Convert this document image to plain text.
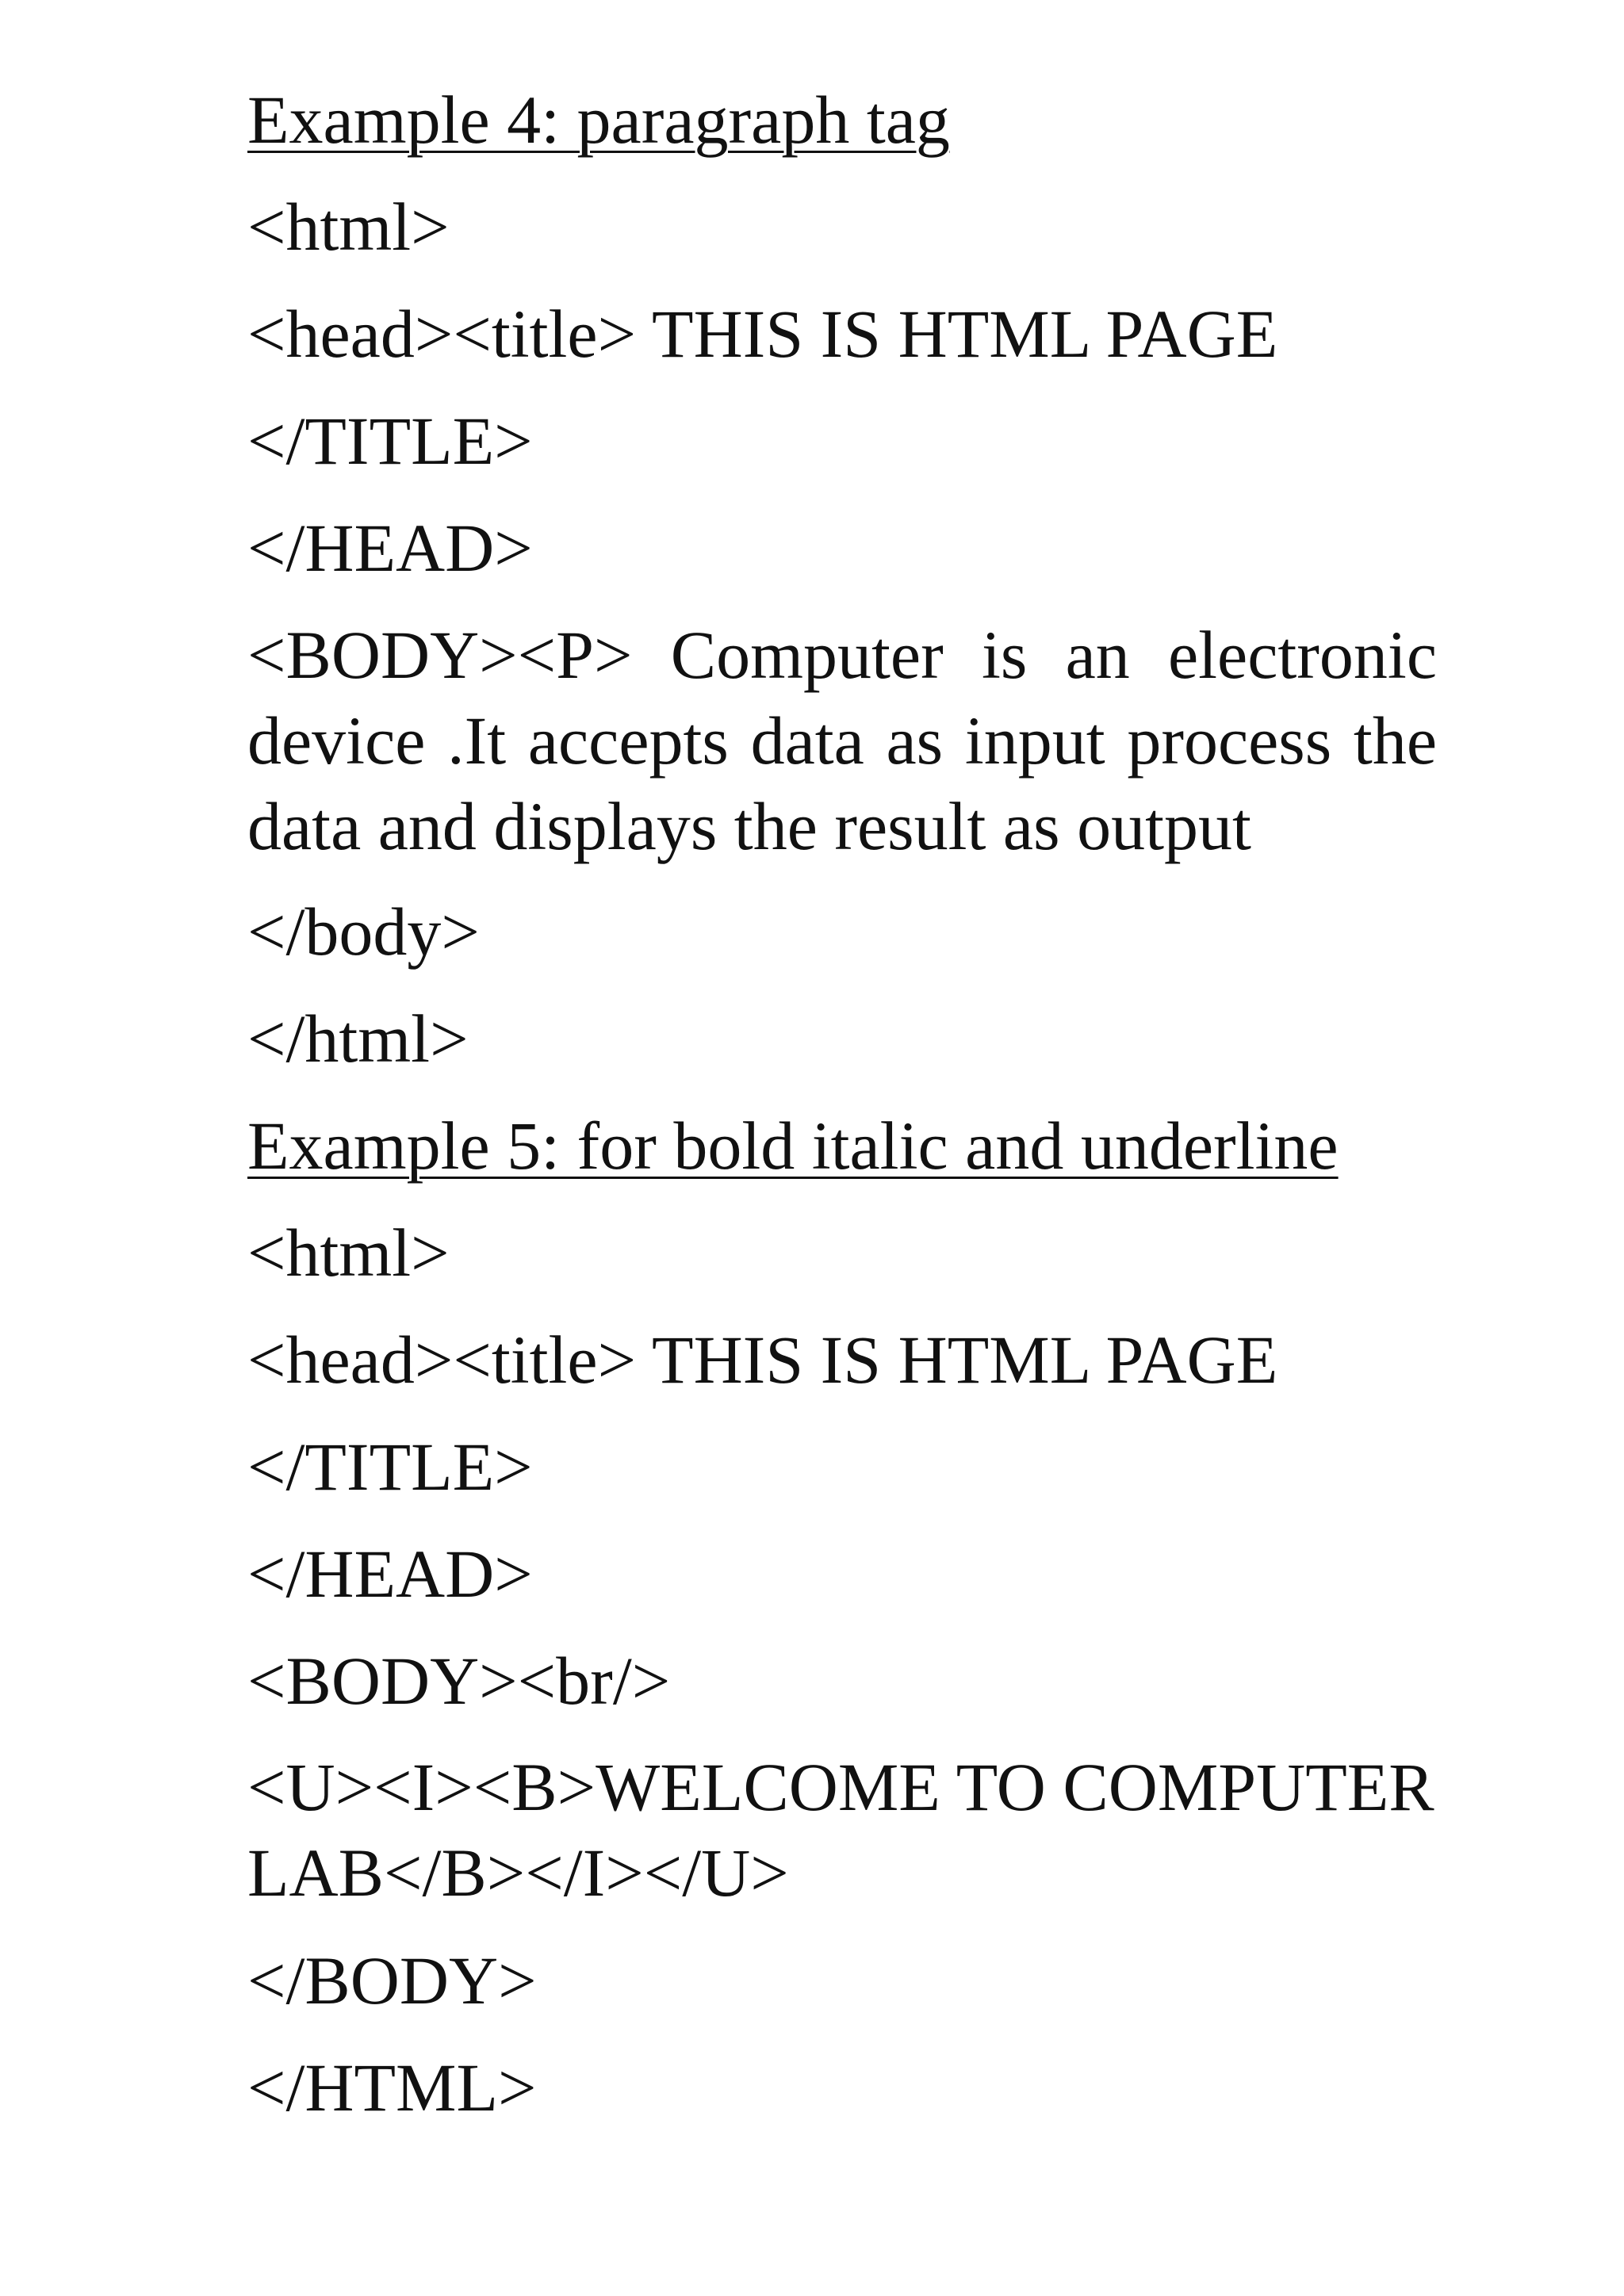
Example 4: paragraph tag
<html>
<head><title> THIS IS HTML PAGE
</TITLE>
</HEAD>
<BODY><P> Computer is an electronic device .It accepts data as input process the data and displays the result as output
</body>
</html>
Example 5: for bold italic and underline
<html>
<head><title> THIS IS HTML PAGE
</TITLE>
</HEAD>
<BODY><br/>
<U><I><B>WELCOME TO COMPUTER LAB</B></I></U>
</BODY>
</HTML>
